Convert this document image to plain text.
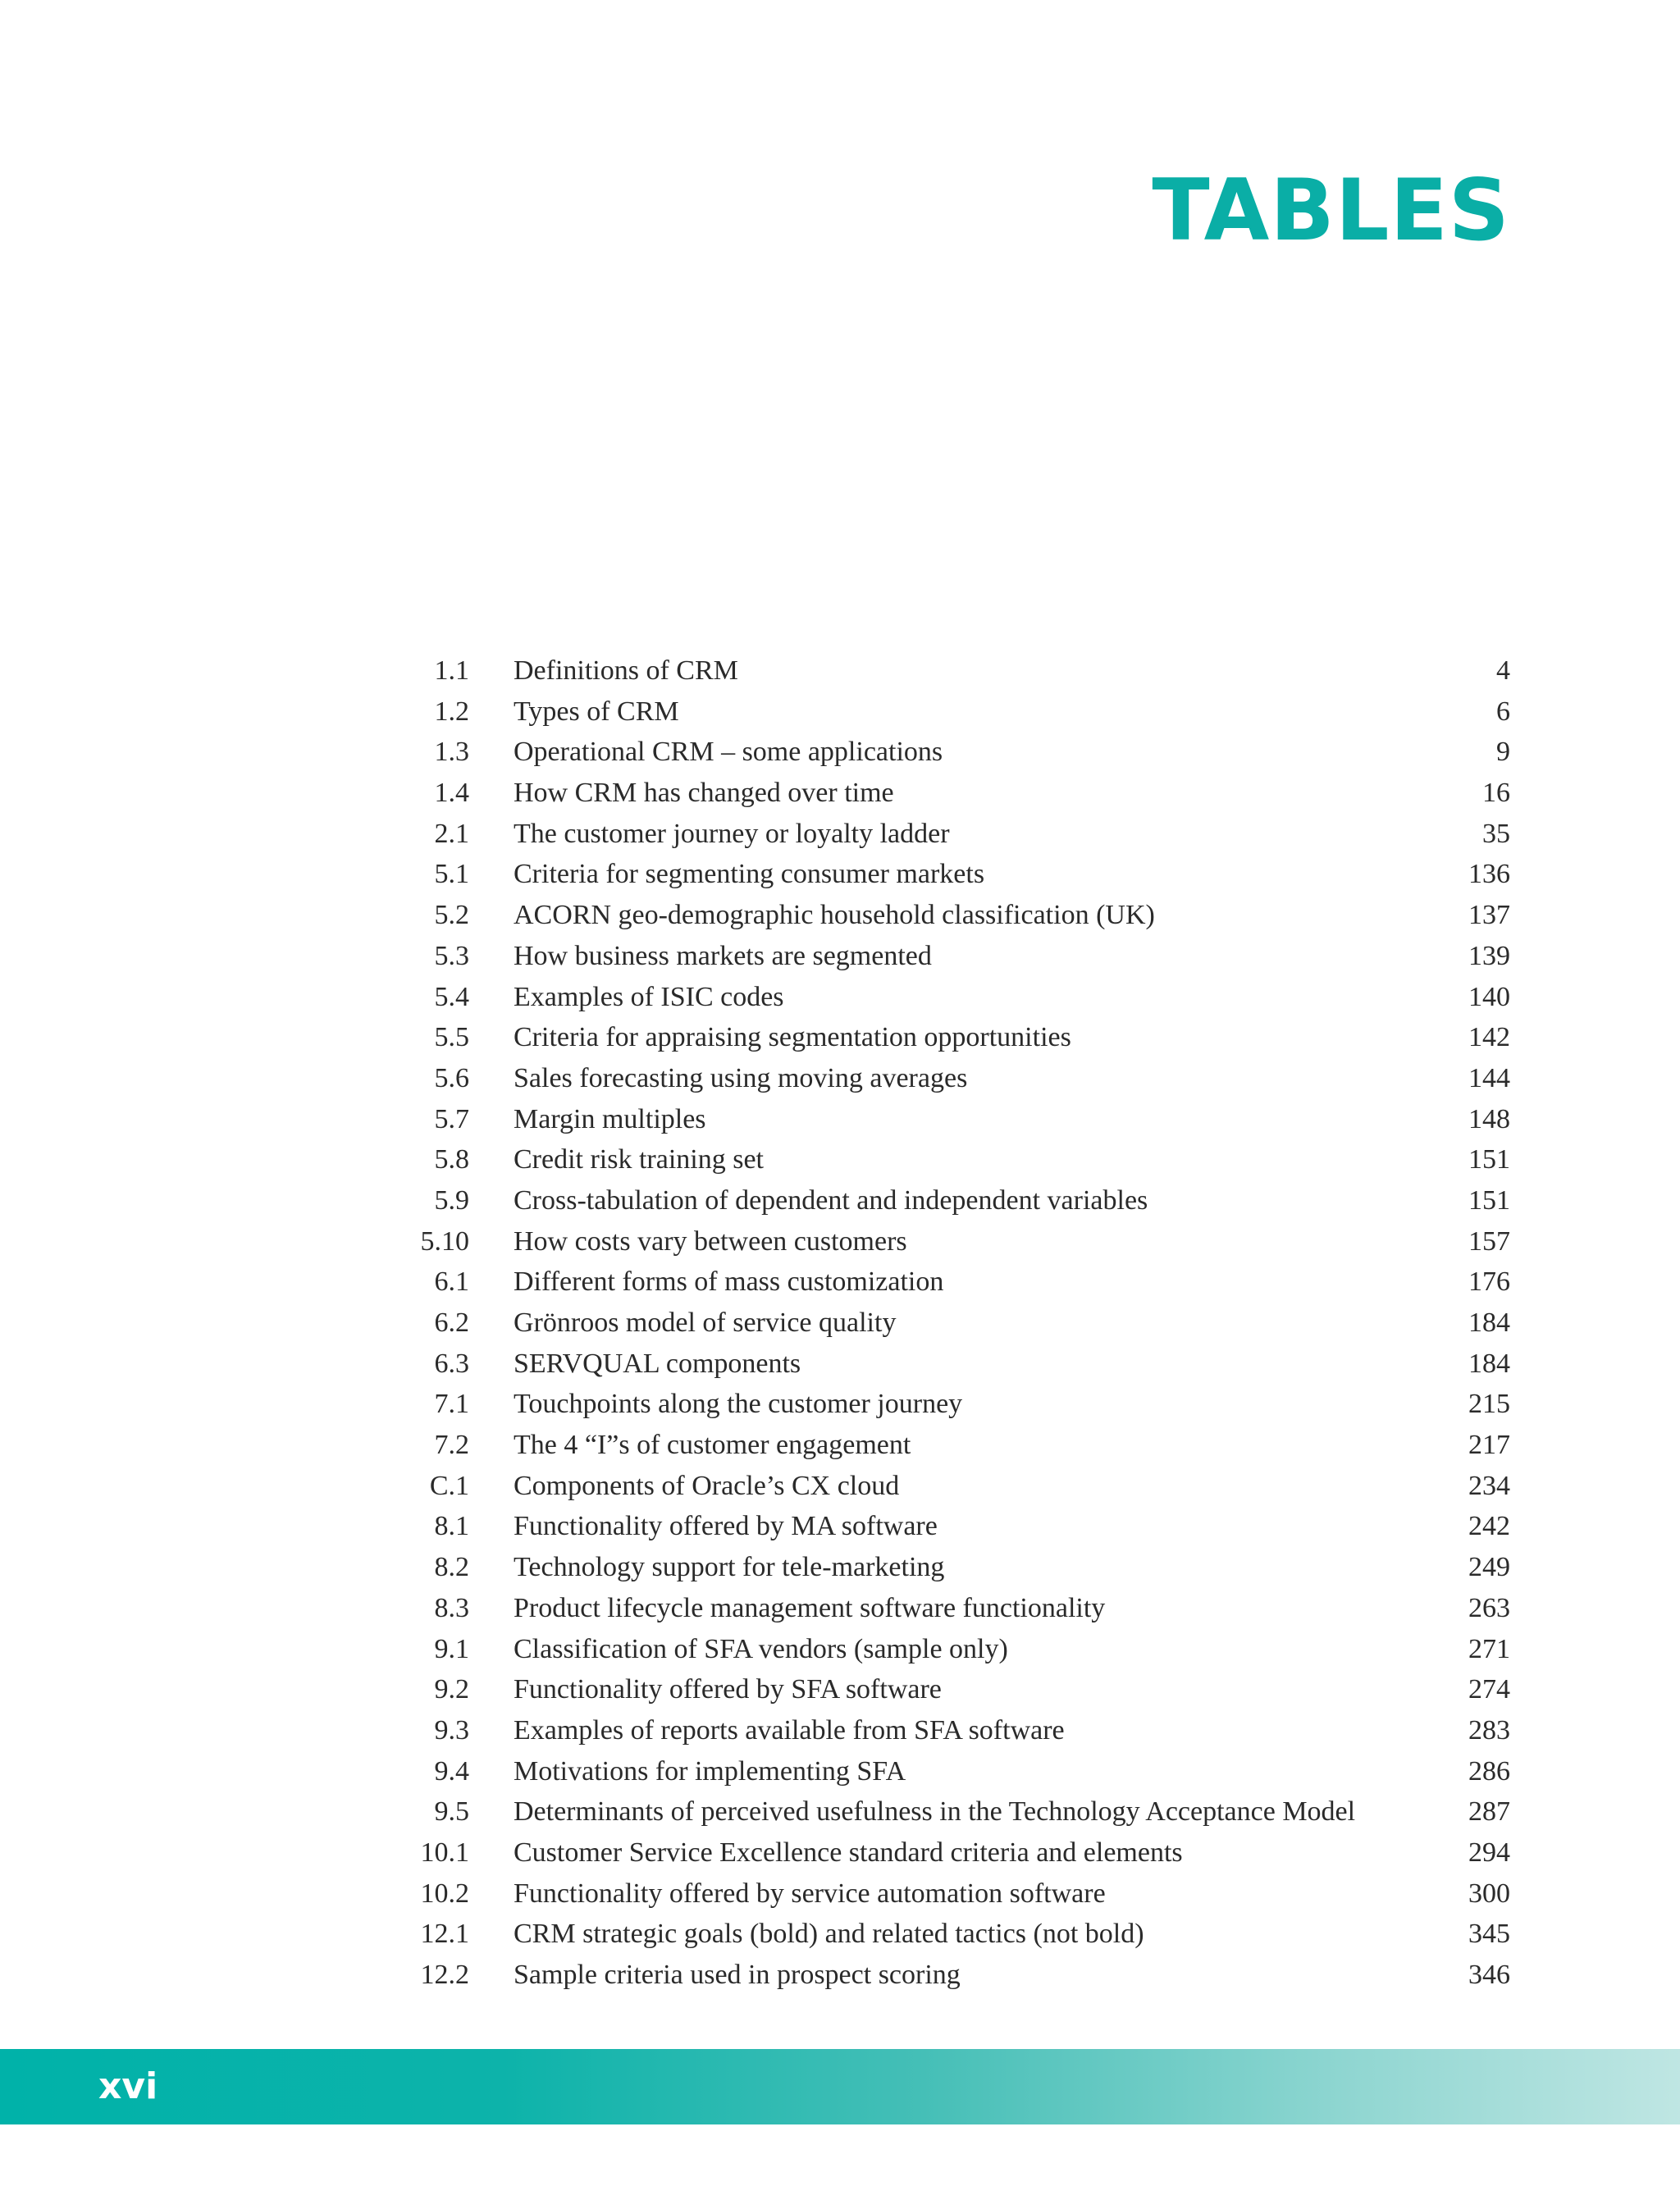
TABLES
1.1	Definitions of CRM	4
1.2	Types of CRM	6
1.3	Operational CRM – some applications	9
1.4	How CRM has changed over time	16
2.1	The customer journey or loyalty ladder	35
5.1	Criteria for segmenting consumer markets	136
5.2	ACORN geo-demographic household classification (UK)	137
5.3	How business markets are segmented	139
5.4	Examples of ISIC codes	140
5.5	Criteria for appraising segmentation opportunities	142
5.6	Sales forecasting using moving averages	144
5.7	Margin multiples	148
5.8	Credit risk training set	151
5.9	Cross-tabulation of dependent and independent variables	151
5.10	How costs vary between customers	157
6.1	Different forms of mass customization	176
6.2	Grönroos model of service quality	184
6.3	SERVQUAL components	184
7.1	Touchpoints along the customer journey	215
7.2	The 4 “I”s of customer engagement	217
C.1	Components of Oracle’s CX cloud	234
8.1	Functionality offered by MA software	242
8.2	Technology support for tele-marketing	249
8.3	Product lifecycle management software functionality	263
9.1	Classification of SFA vendors (sample only)	271
9.2	Functionality offered by SFA software	274
9.3	Examples of reports available from SFA software	283
9.4	Motivations for implementing SFA	286
9.5	Determinants of perceived usefulness in the Technology Acceptance Model	287
10.1	Customer Service Excellence standard criteria and elements	294
10.2	Functionality offered by service automation software	300
12.1	CRM strategic goals (bold) and related tactics (not bold)	345
12.2	Sample criteria used in prospect scoring	346
xvi
